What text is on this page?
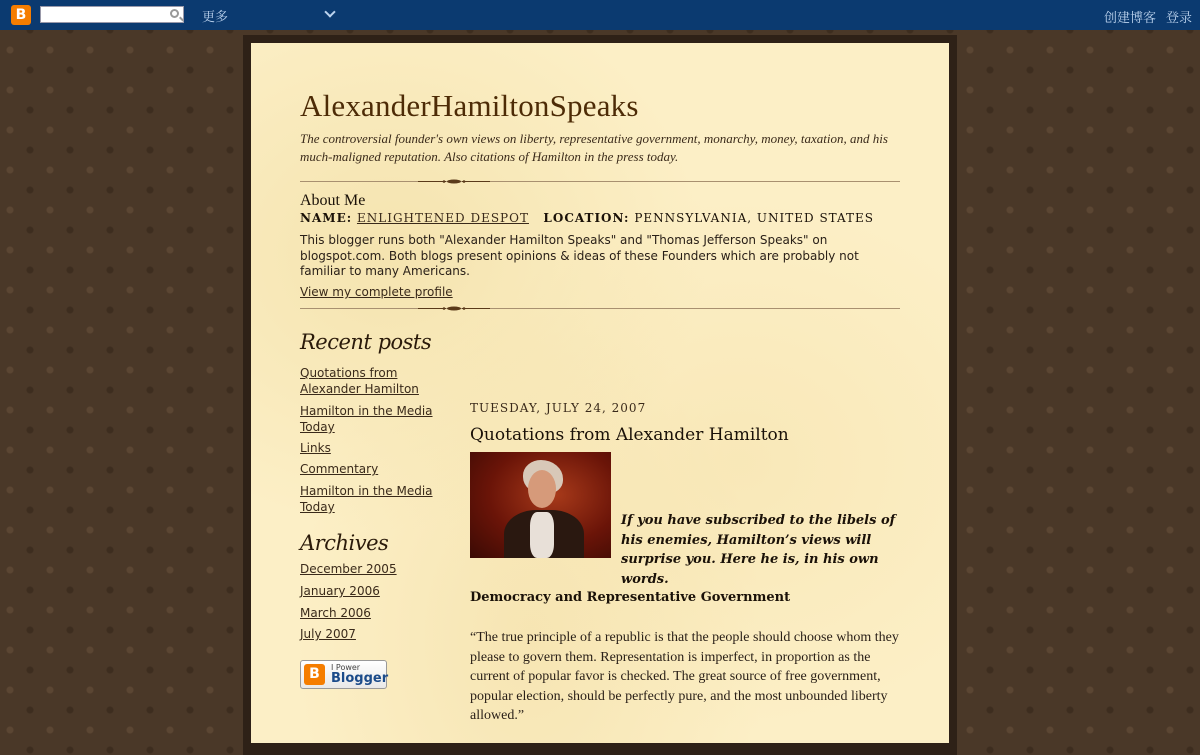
B	更多	创建博客 登录
AlexanderHamiltonSpeaks
The controversial founder's own views on liberty, representative government, monarchy, money, taxation, and his much-maligned reputation. Also citations of Hamilton in the press today.
About Me
NAME: ENLIGHTENED DESPOT LOCATION: PENNSYLVANIA, UNITED STATES
This blogger runs both "Alexander Hamilton Speaks" and "Thomas Jefferson Speaks" on blogspot.com. Both blogs present opinions & ideas of these Founders which are probably not familiar to many Americans.
View my complete profile
Recent posts
Quotations from Alexander Hamilton
Hamilton in the Media Today
Links
Commentary
Hamilton in the Media Today
Archives
December 2005
January 2006
March 2006
July 2007
B	I Power
Blogger
TUESDAY, JULY 24, 2007
Quotations from Alexander Hamilton
If you have subscribed to the libels of his enemies, Hamilton’s views will surprise you. Here he is, in his own words.
Democracy and Representative Government
“The true principle of a republic is that the people should choose whom they please to govern them. Representation is imperfect, in proportion as the current of popular favor is checked. The great source of free government, popular election, should be perfectly pure, and the most unbounded liberty allowed.”
